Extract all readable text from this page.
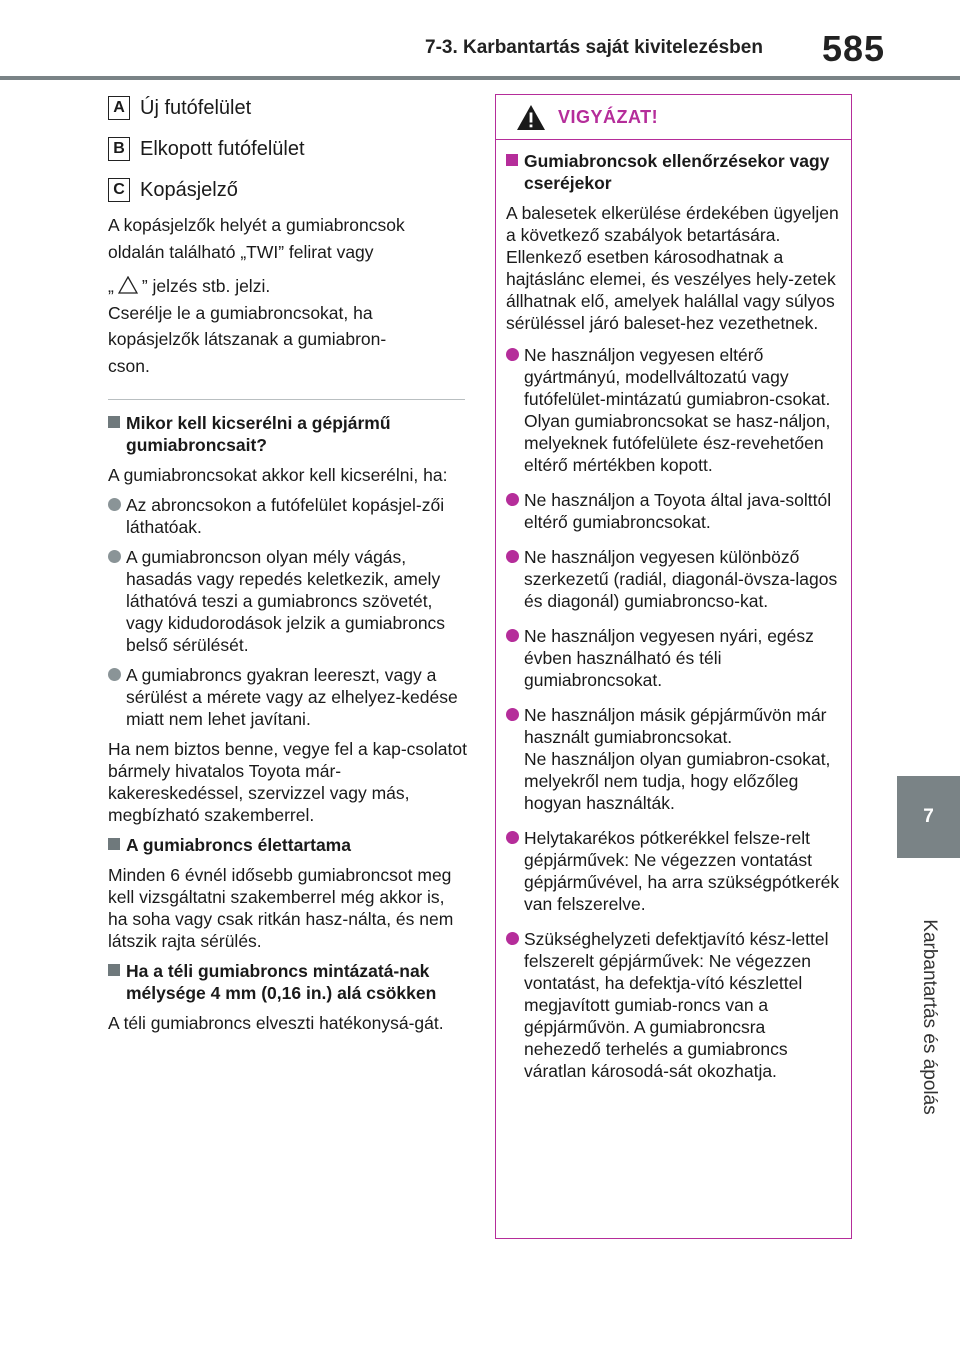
7-3. Karbantartás saját kivitelezésben 585
7
Karbantartás és ápolás
A Új futófelület
B Elkopott futófelület
C Kopásjelző

A kopásjelzők helyét a gumiabroncsok

oldalán található „TWI” felirat vagy

„ ” jelzés stb. jelzi.

Cserélje le a gumiabroncsokat, ha

kopásjelzők látszanak a gumiabron-

cson.

Mikor kell kicserélni a gépjármű gumiabroncsait?

A gumiabroncsokat akkor kell kicserélni, ha:

Az abroncsokon a futófelület kopásjel-zői láthatóak.
A gumiabroncson olyan mély vágás, hasadás vagy repedés keletkezik, amely láthatóvá teszi a gumiabroncs szövetét, vagy kidudorodások jelzik a gumiabroncs belső sérülését.
A gumiabroncs gyakran leereszt, vagy a sérülést a mérete vagy az elhelyez-kedése miatt nem lehet javítani.

Ha nem biztos benne, vegye fel a kap-csolatot bármely hivatalos Toyota már-kakereskedéssel, szervizzel vagy más, megbízható szakemberrel.

A gumiabroncs élettartama

Minden 6 évnél idősebb gumiabroncsot meg kell vizsgáltatni szakemberrel még akkor is, ha soha vagy csak ritkán hasz-nálta, és nem látszik rajta sérülés.

Ha a téli gumiabroncs mintázatá-nak mélysége 4 mm (0,16 in.) alá csökken

A téli gumiabroncs elveszti hatékonysá-gát.

VIGYÁZAT!
Gumiabroncsok ellenőrzésekor vagy cseréjekor

A balesetek elkerülése érdekében ügyeljen a következő szabályok betartására.

Ellenkező esetben károsodhatnak a hajtáslánc elemei, és veszélyes hely-zetek állhatnak elő, amelyek halállal vagy súlyos sérüléssel járó baleset-hez vezethetnek.

Ne használjon vegyesen eltérő gyártmányú, modellváltozatú vagy futófelület-mintázatú gumiabron-csokat.
Olyan gumiabroncsokat se hasz-náljon, melyeknek futófelülete ész-revehetően eltérő mértékben kopott.
Ne használjon a Toyota által java-solttól eltérő gumiabroncsokat.
Ne használjon vegyesen különböző szerkezetű (radiál, diagonál-övsza-lagos és diagonál) gumiabroncso-kat.
Ne használjon vegyesen nyári, egész évben használható és téli gumiabroncsokat.
Ne használjon másik gépjárművön már használt gumiabroncsokat.
Ne használjon olyan gumiabron-csokat, melyekről nem tudja, hogy előzőleg hogyan használták.
Helytakarékos pótkerékkel felsze-relt gépjárművek: Ne végezzen vontatást gépjárművével, ha arra szükségpótkerék van felszerelve.
Szükséghelyzeti defektjavító kész-lettel felszerelt gépjárművek: Ne végezzen vontatást, ha defektja-vító készlettel megjavított gumiab-roncs van a gépjárművön. A gumiabroncsra nehezedő terhelés a gumiabroncs váratlan károsodá-sát okozhatja.
